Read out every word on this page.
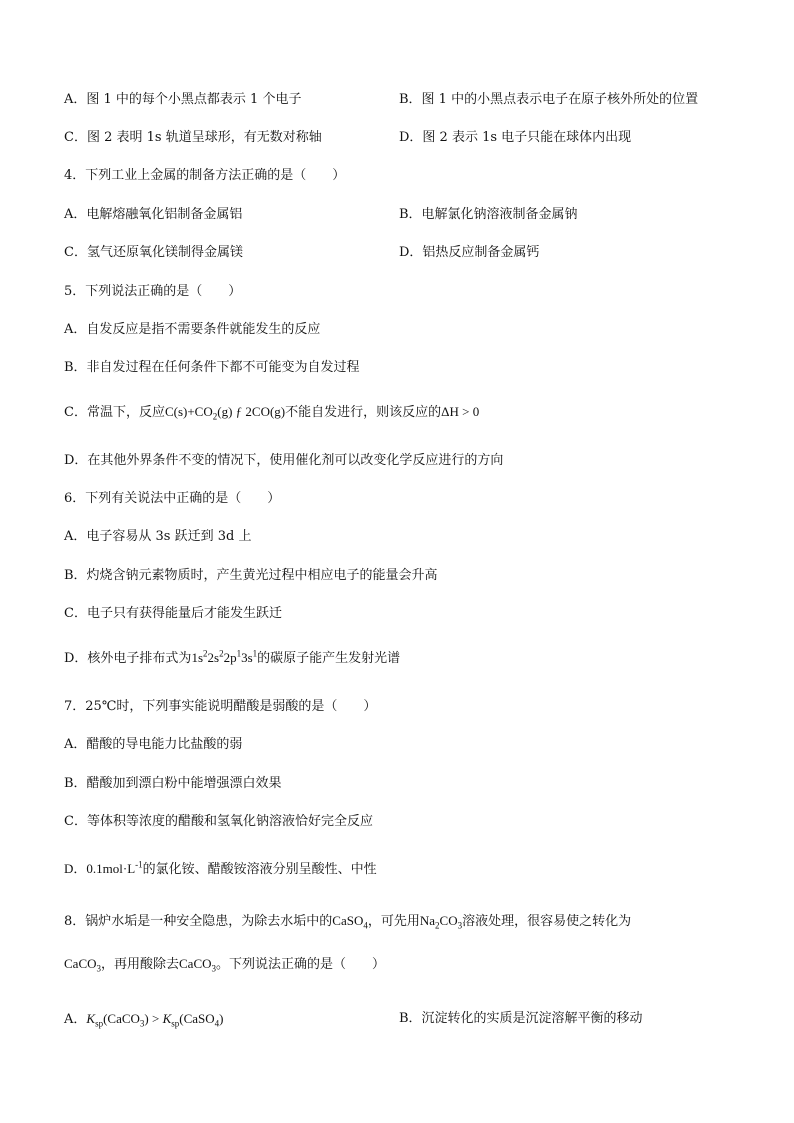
A．图 1 中的每个小黑点都表示 1 个电子	B．图 1 中的小黑点表示电子在原子核外所处的位置
C．图 2 表明 1s 轨道呈球形，有无数对称轴	D．图 2 表示 1s 电子只能在球体内出现
4．下列工业上金属的制备方法正确的是（　　）
A．电解熔融氧化铝制备金属铝	B．电解氯化钠溶液制备金属钠
C．氢气还原氧化镁制得金属镁	D．铝热反应制备金属钙
5．下列说法正确的是（　　）
A．自发反应是指不需要条件就能发生的反应
B．非自发过程在任何条件下都不可能变为自发过程
C．常温下，反应$C(s)+CO_2(g)$ ƒ 2CO(g)不能自发进行，则该反应的ΔH > 0
D．在其他外界条件不变的情况下，使用催化剂可以改变化学反应进行的方向
6．下列有关说法中正确的是（　　）
A．电子容易从 3s 跃迁到 3d 上
B．灼烧含钠元素物质时，产生黄光过程中相应电子的能量会升高
C．电子只有获得能量后才能发生跃迁
D．核外电子排布式为$1s^22s^22p^13s^1$的碳原子能产生发射光谱
7．25℃时，下列事实能说明醋酸是弱酸的是（　　）
A．醋酸的导电能力比盐酸的弱
B．醋酸加到漂白粉中能增强漂白效果
C．等体积等浓度的醋酸和氢氧化钠溶液恰好完全反应
D．$0.1mol\cdot L^{-1}$的氯化铵、醋酸铵溶液分别呈酸性、中性
8．锅炉水垢是一种安全隐患，为除去水垢中的CaSO$_4$，可先用$Na_2CO_3$溶液处理，很容易使之转化为
CaCO$_3$，再用酸除去CaCO$_3$。下列说法正确的是（　　）
A．$K_{sp}(CaCO_3)$ > $K_{sp}(CaSO_4)$	B．沉淀转化的实质是沉淀溶解平衡的移动
